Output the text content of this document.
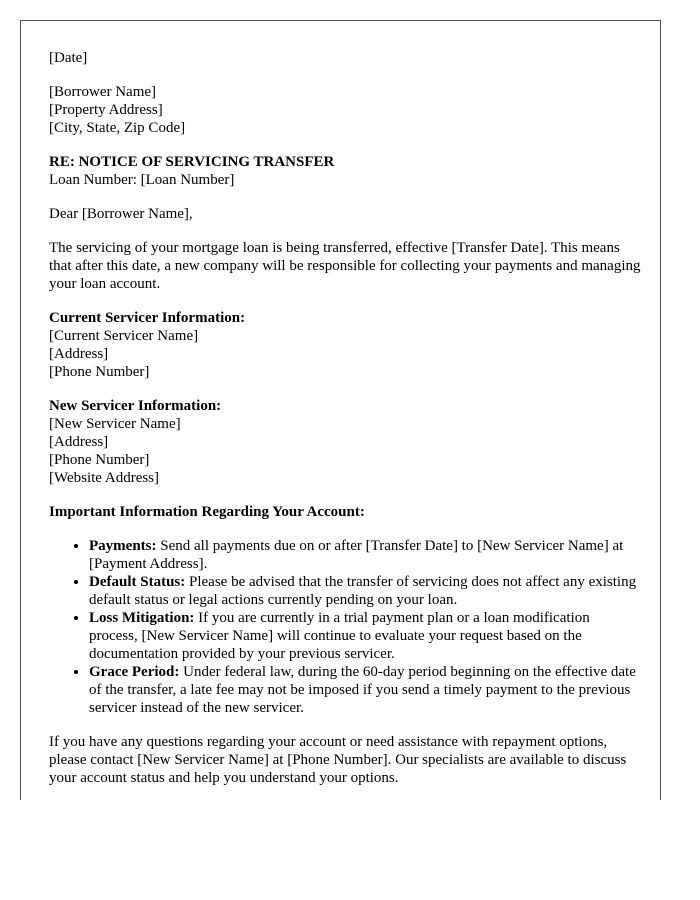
[Date]

[Borrower Name]
[Property Address]
[City, State, Zip Code]
RE: NOTICE OF SERVICING TRANSFER
Loan Number: [Loan Number]

Dear [Borrower Name],

The servicing of your mortgage loan is being transferred, effective [Transfer Date]. This means that after this date, a new company will be responsible for collecting your payments and managing your loan account.

Current Servicer Information:
[Current Servicer Name]
[Address]
[Phone Number]
New Servicer Information:
[New Servicer Name]
[Address]
[Phone Number]
[Website Address]

Important Information Regarding Your Account:

• Payments: Send all payments due on or after [Transfer Date] to [New Servicer Name] at [Payment Address].
• Default Status: Please be advised that the transfer of servicing does not affect any existing default status or legal actions currently pending on your loan.
• Loss Mitigation: If you are currently in a trial payment plan or a loan modification process, [New Servicer Name] will continue to evaluate your request based on the documentation provided by your previous servicer.
• Grace Period: Under federal law, during the 60-day period beginning on the effective date of the transfer, a late fee may not be imposed if you send a timely payment to the previous servicer instead of the new servicer.

If you have any questions regarding your account or need assistance with repayment options, please contact [New Servicer Name] at [Phone Number]. Our specialists are available to discuss your account status and help you understand your options.
